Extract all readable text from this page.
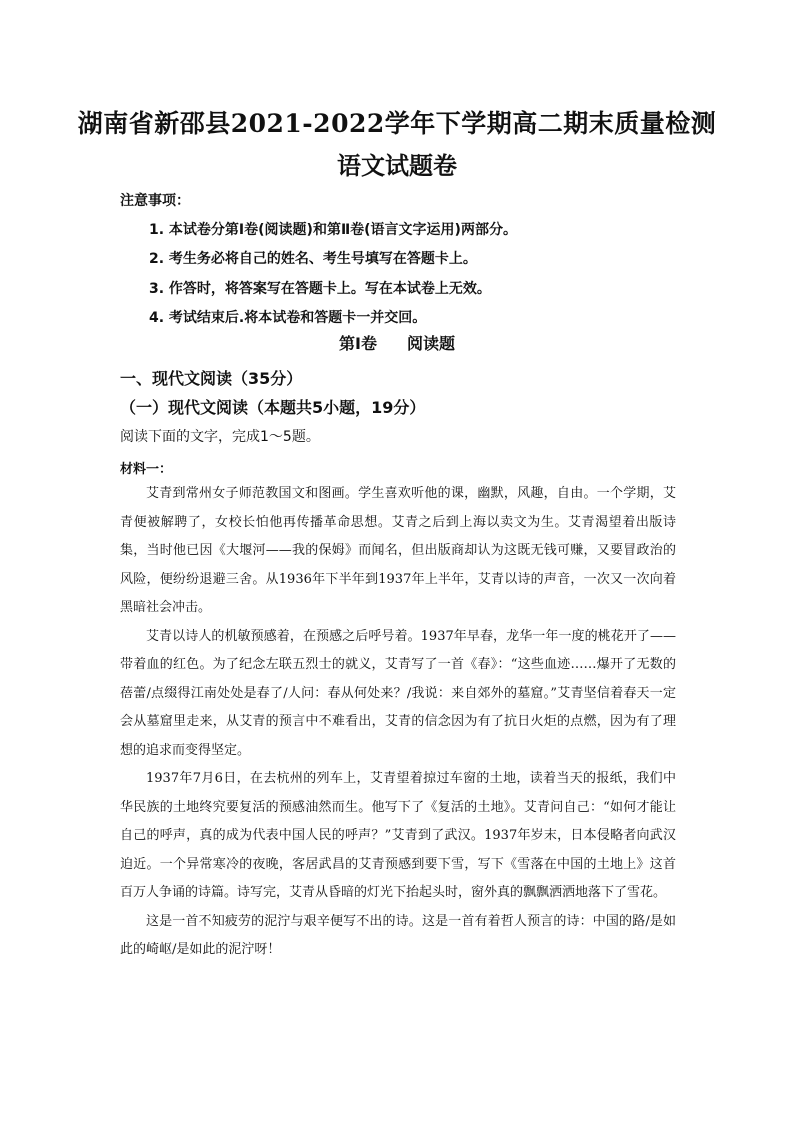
湖南省新邵县2021-2022学年下学期高二期末质量检测
语文试题卷
注意事项：
1. 本试卷分第Ⅰ卷(阅读题)和第Ⅱ卷(语言文字运用)两部分。
2. 考生务必将自己的姓名、考生号填写在答题卡上。
3. 作答时，将答案写在答题卡上。写在本试卷上无效。
4. 考试结束后.将本试卷和答题卡一并交回。
第Ⅰ卷 阅读题
一、现代文阅读（35分）
（一）现代文阅读（本题共5小题，19分）
阅读下面的文字，完成1～5题。
材料一：

艾青到常州女子师范教国文和图画。学生喜欢听他的课，幽默，风趣，自由。一个学期，艾青便被解聘了，女校长怕他再传播革命思想。艾青之后到上海以卖文为生。艾青渴望着出版诗集，当时他已因《大堰河——我的保姆》而闻名，但出版商却认为这既无钱可赚，又要冒政治的风险，便纷纷退避三舍。从1936年下半年到1937年上半年，艾青以诗的声音，一次又一次向着黑暗社会冲击。

艾青以诗人的机敏预感着，在预感之后呼号着。1937年早春，龙华一年一度的桃花开了——带着血的红色。为了纪念左联五烈士的就义，艾青写了一首《春》：“这些血迹……爆开了无数的蓓蕾/点缀得江南处处是春了/人问：春从何处来？/我说：来自郊外的墓窟。”艾青坚信着春天一定会从墓窟里走来，从艾青的预言中不难看出，艾青的信念因为有了抗日火炬的点燃，因为有了理想的追求而变得坚定。

1937年7月6日，在去杭州的列车上，艾青望着掠过车窗的土地，读着当天的报纸，我们中华民族的土地终究要复活的预感油然而生。他写下了《复活的土地》。艾青问自己：“如何才能让自己的呼声，真的成为代表中国人民的呼声？”艾青到了武汉。1937年岁末，日本侵略者向武汉迫近。一个异常寒冷的夜晚，客居武昌的艾青预感到要下雪，写下《雪落在中国的土地上》这首百万人争诵的诗篇。诗写完，艾青从昏暗的灯光下抬起头时，窗外真的飘飘洒洒地落下了雪花。

这是一首不知疲劳的泥泞与艰辛便写不出的诗。这是一首有着哲人预言的诗：中国的路/是如此的崎岖/是如此的泥泞呀！
